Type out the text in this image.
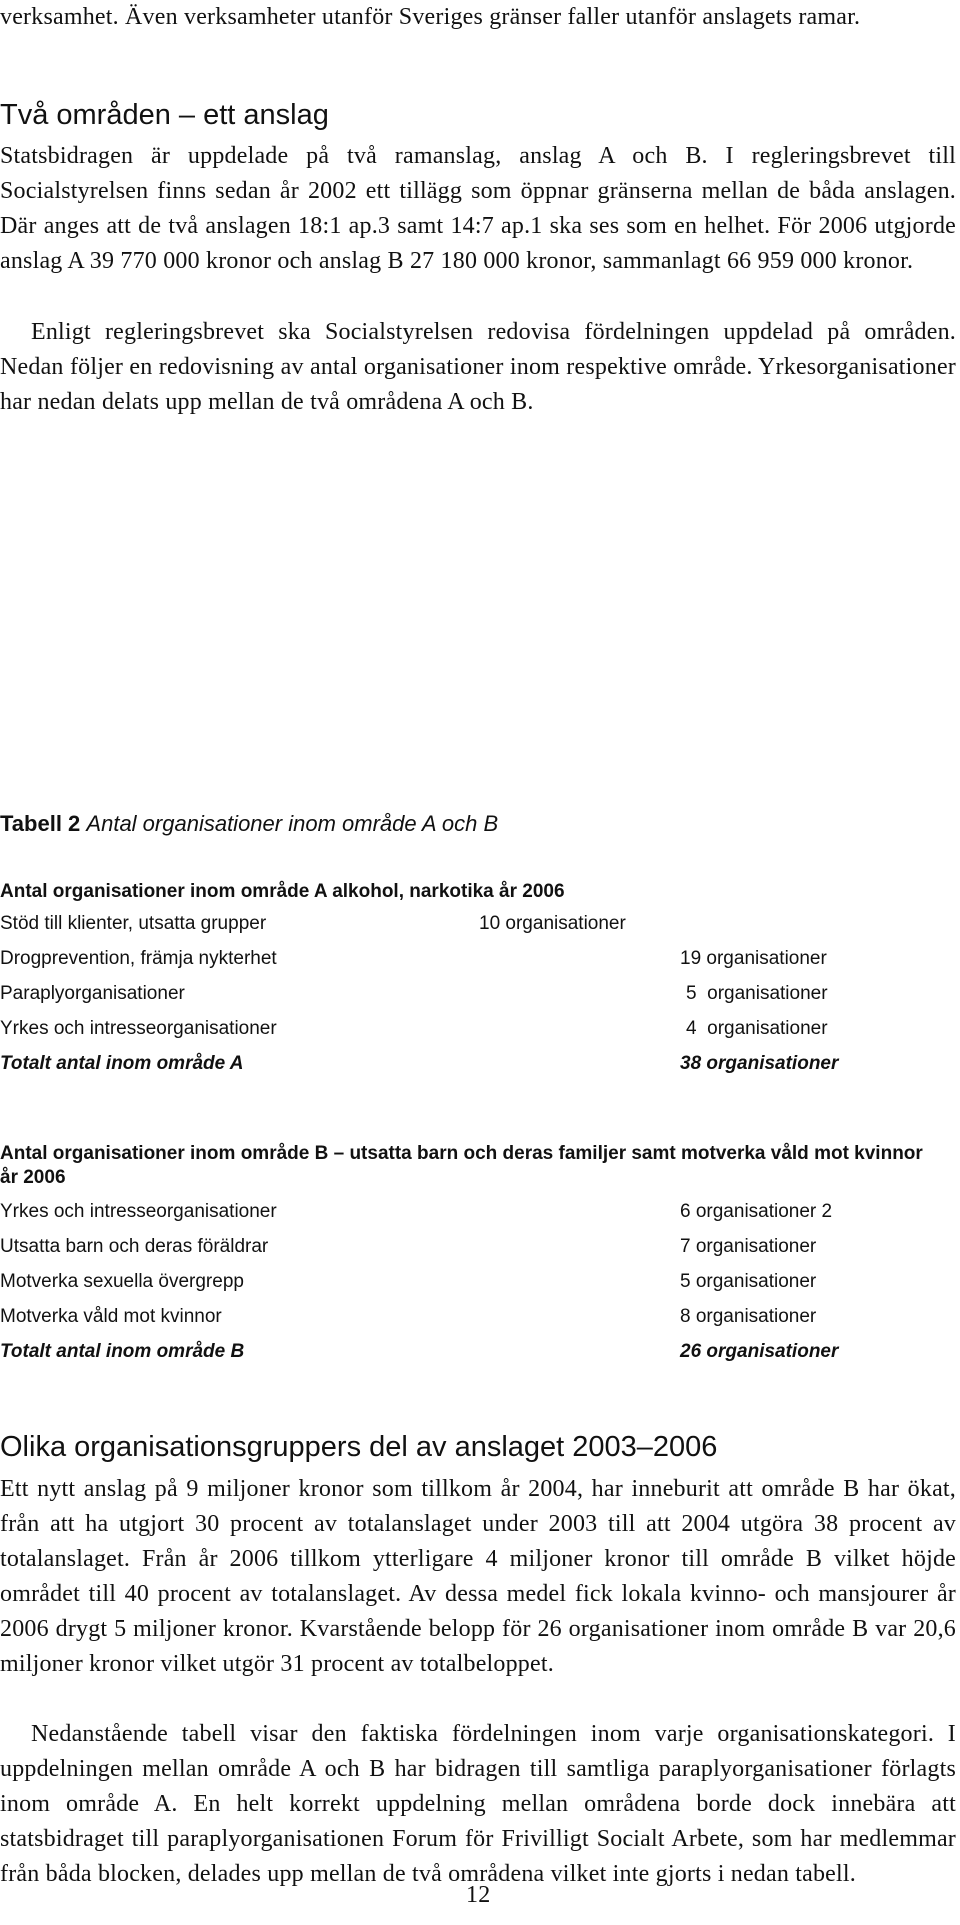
verksamhet. Även verksamheter utanför Sveriges gränser faller utanför anslagets ramar.

Två områden – ett anslag

Statsbidragen är uppdelade på två ramanslag, anslag A och B. I regleringsbrevet till Socialstyrelsen finns sedan år 2002 ett tillägg som öppnar gränserna mellan de båda anslagen. Där anges att de två anslagen 18:1 ap.3 samt 14:7 ap.1 ska ses som en helhet. För 2006 utgjorde anslag A 39 770 000 kronor och anslag B 27 180 000 kronor, sammanlagt 66 959 000 kronor.

Enligt regleringsbrevet ska Socialstyrelsen redovisa fördelningen uppdelad på områden. Nedan följer en redovisning av antal organisationer inom respektive område. Yrkesorganisationer har nedan delats upp mellan de två områdena A och B.

Tabell 2 Antal organisationer inom område A och B

Antal organisationer inom område A alkohol, narkotika år 2006

Stöd till klienter, utsatta grupper	10 organisationer
Drogprevention, främja nykterhet	19 organisationer
Paraplyorganisationer	5  organisationer
Yrkes och intresseorganisationer	4  organisationer
Totalt antal inom område A	38 organisationer

Antal organisationer inom område B – utsatta barn och deras familjer samt motverka våld mot kvinnor år 2006

Yrkes och intresseorganisationer	6 organisationer 2
Utsatta barn och deras föräldrar	7 organisationer
Motverka sexuella övergrepp	5 organisationer
Motverka våld mot kvinnor	8 organisationer
Totalt antal inom område B	26 organisationer
Olika organisationsgruppers del av anslaget 2003–2006

Ett nytt anslag på 9 miljoner kronor som tillkom år 2004, har inneburit att område B har ökat, från att ha utgjort 30 procent av totalanslaget under 2003 till att 2004 utgöra 38 procent av totalanslaget. Från år 2006 tillkom ytterligare 4 miljoner kronor till område B vilket höjde området till 40 procent av totalanslaget. Av dessa medel fick lokala kvinno- och mansjourer år 2006 drygt 5 miljoner kronor. Kvarstående belopp för 26 organisationer inom område B var 20,6 miljoner kronor vilket utgör 31 procent av totalbeloppet.

Nedanstående tabell visar den faktiska fördelningen inom varje organisationskategori. I uppdelningen mellan område A och B har bidragen till samtliga paraplyorganisationer förlagts inom område A. En helt korrekt uppdelning mellan områdena borde dock innebära att statsbidraget till paraplyorganisationen Forum för Frivilligt Socialt Arbete, som har medlemmar från båda blocken, delades upp mellan de två områdena vilket inte gjorts i nedan tabell.

12
